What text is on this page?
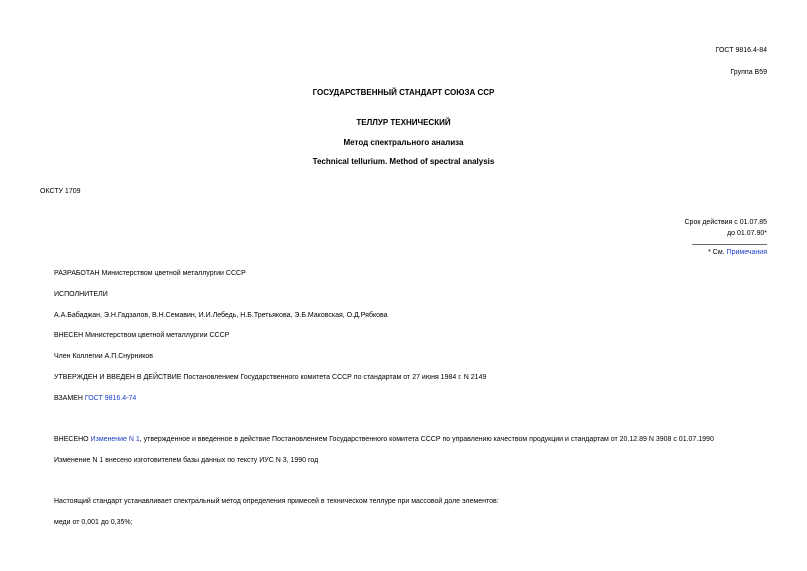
ГОСТ 9816.4-84
Группа В59
ГОСУДАРСТВЕННЫЙ СТАНДАРТ СОЮЗА ССР
ТЕЛЛУР ТЕХНИЧЕСКИЙ
Метод спектрального анализа
Technical tellurium. Method of spectral analysis
ОКСТУ 1709
Срок действия с 01.07.85
до 01.07.90*
* См. Примечания
РАЗРАБОТАН Министерством цветной металлургии СССР
ИСПОЛНИТЕЛИ
А.А.Бабаджан, Э.Н.Гадзалов, В.Н.Семавин, И.И.Лебедь, Н.Б.Третьякова, Э.Б.Маковская, О.Д.Рябкова
ВНЕСЕН Министерством цветной металлургии СССР
Член Коллегии А.П.Снурников
УТВЕРЖДЕН И ВВЕДЕН В ДЕЙСТВИЕ Постановлением Государственного комитета СССР по стандартам от 27 июня 1984 г. N 2149
ВЗАМЕН ГОСТ 9816.4-74
ВНЕСЕНО Изменение N 1, утвержденное и введенное в действие Постановлением Государственного комитета СССР по управлению качеством продукции и стандартам от 20.12.89 N 3908 с 01.07.1990
Изменение N 1 внесено изготовителем базы данных по тексту ИУС N 3, 1990 год
Настоящий стандарт устанавливает спектральный метод определения примесей в техническом теллуре при массовой доле элементов:
меди от 0,001 до 0,35%;
